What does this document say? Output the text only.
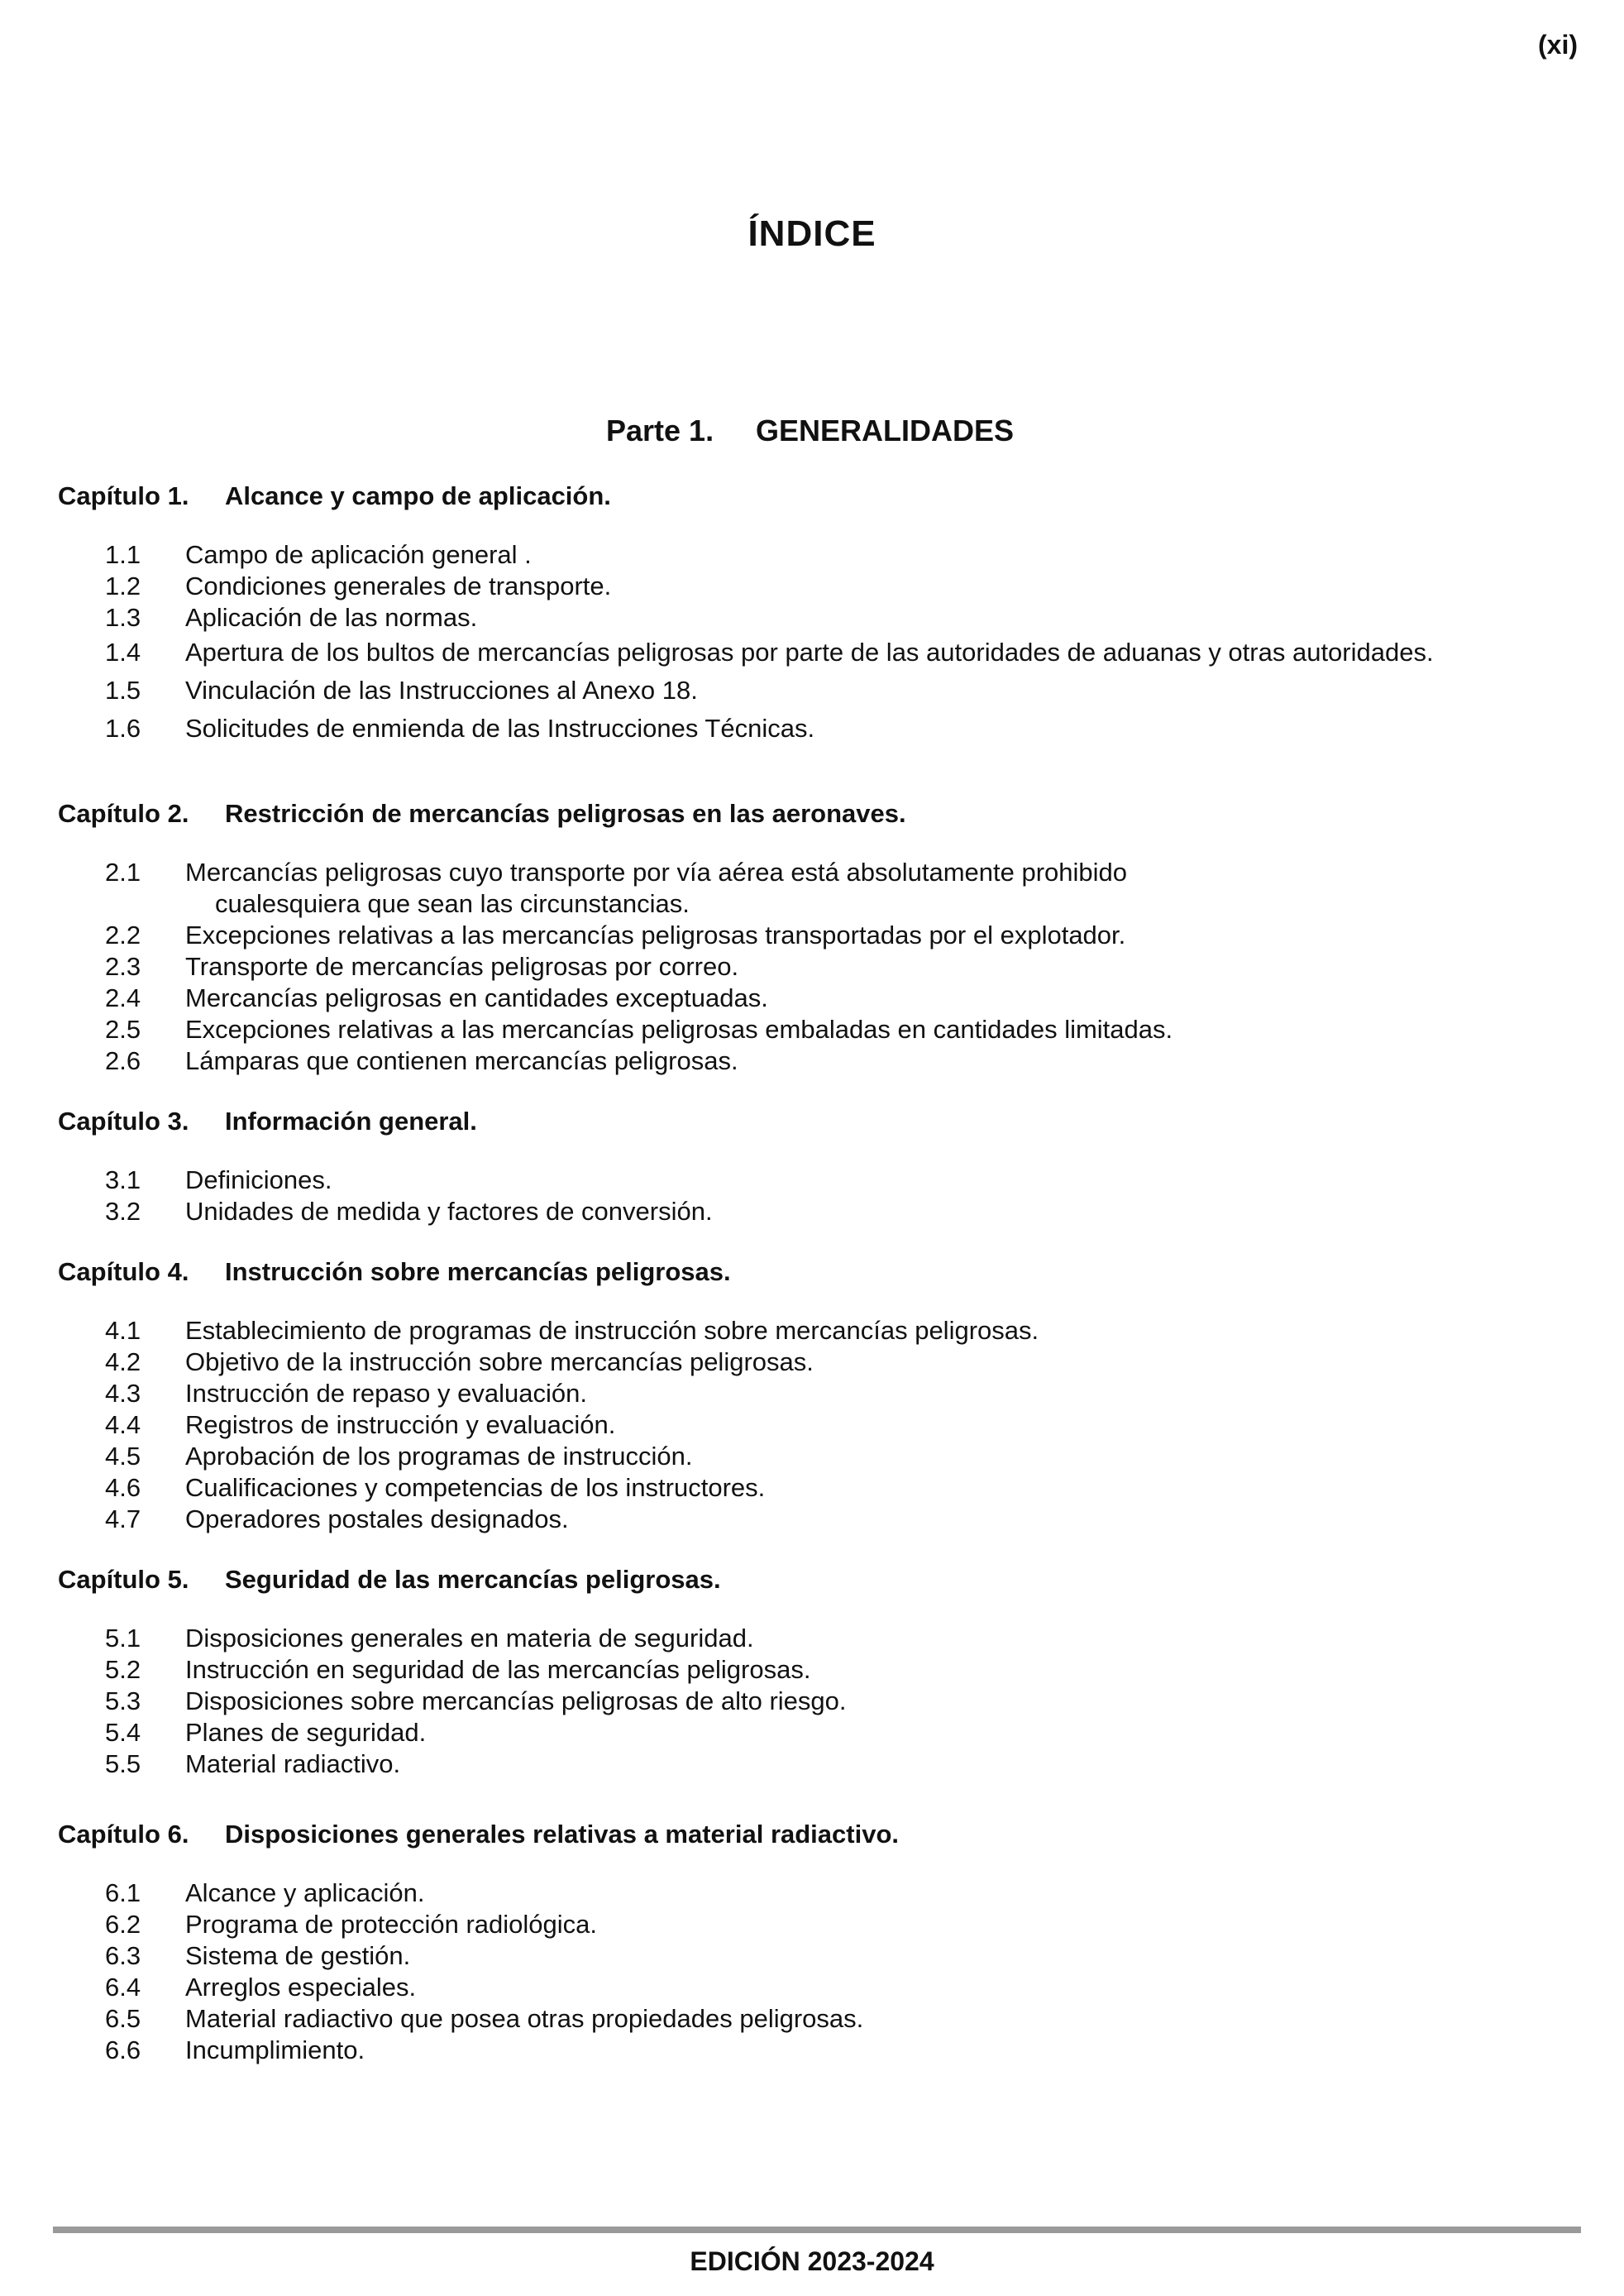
(xi)
ÍNDICE
Parte 1. GENERALIDADES
Capítulo 1. Alcance y campo de aplicación.
1.1	Campo de aplicación general .
1.2	Condiciones generales de transporte.
1.3	Aplicación de las normas.
1.4	Apertura de los bultos de mercancías peligrosas por parte de las autoridades de aduanas y otras autoridades.
1.5	Vinculación de las Instrucciones al Anexo 18.
1.6	Solicitudes de enmienda de las Instrucciones Técnicas.
Capítulo 2. Restricción de mercancías peligrosas en las aeronaves.
2.1	Mercancías peligrosas cuyo transporte por vía aérea está absolutamente prohibido
cualesquiera que sean las circunstancias.
2.2	Excepciones relativas a las mercancías peligrosas transportadas por el explotador.
2.3	Transporte de mercancías peligrosas por correo.
2.4	Mercancías peligrosas en cantidades exceptuadas.
2.5	Excepciones relativas a las mercancías peligrosas embaladas en cantidades limitadas.
2.6	Lámparas que contienen mercancías peligrosas.
Capítulo 3. Información general.
3.1	Definiciones.
3.2	Unidades de medida y factores de conversión.
Capítulo 4. Instrucción sobre mercancías peligrosas.
4.1	Establecimiento de programas de instrucción sobre mercancías peligrosas.
4.2	Objetivo de la instrucción sobre mercancías peligrosas.
4.3	Instrucción de repaso y evaluación.
4.4	Registros de instrucción y evaluación.
4.5	Aprobación de los programas de instrucción.
4.6	Cualificaciones y competencias de los instructores.
4.7	Operadores postales designados.
Capítulo 5. Seguridad de las mercancías peligrosas.
5.1	Disposiciones generales en materia de seguridad.
5.2	Instrucción en seguridad de las mercancías peligrosas.
5.3	Disposiciones sobre mercancías peligrosas de alto riesgo.
5.4	Planes de seguridad.
5.5	Material radiactivo.
Capítulo 6. Disposiciones generales relativas a material radiactivo.
6.1	Alcance y aplicación.
6.2	Programa de protección radiológica.
6.3	Sistema de gestión.
6.4	Arreglos especiales.
6.5	Material radiactivo que posea otras propiedades peligrosas.
6.6	Incumplimiento.
EDICIÓN 2023-2024
